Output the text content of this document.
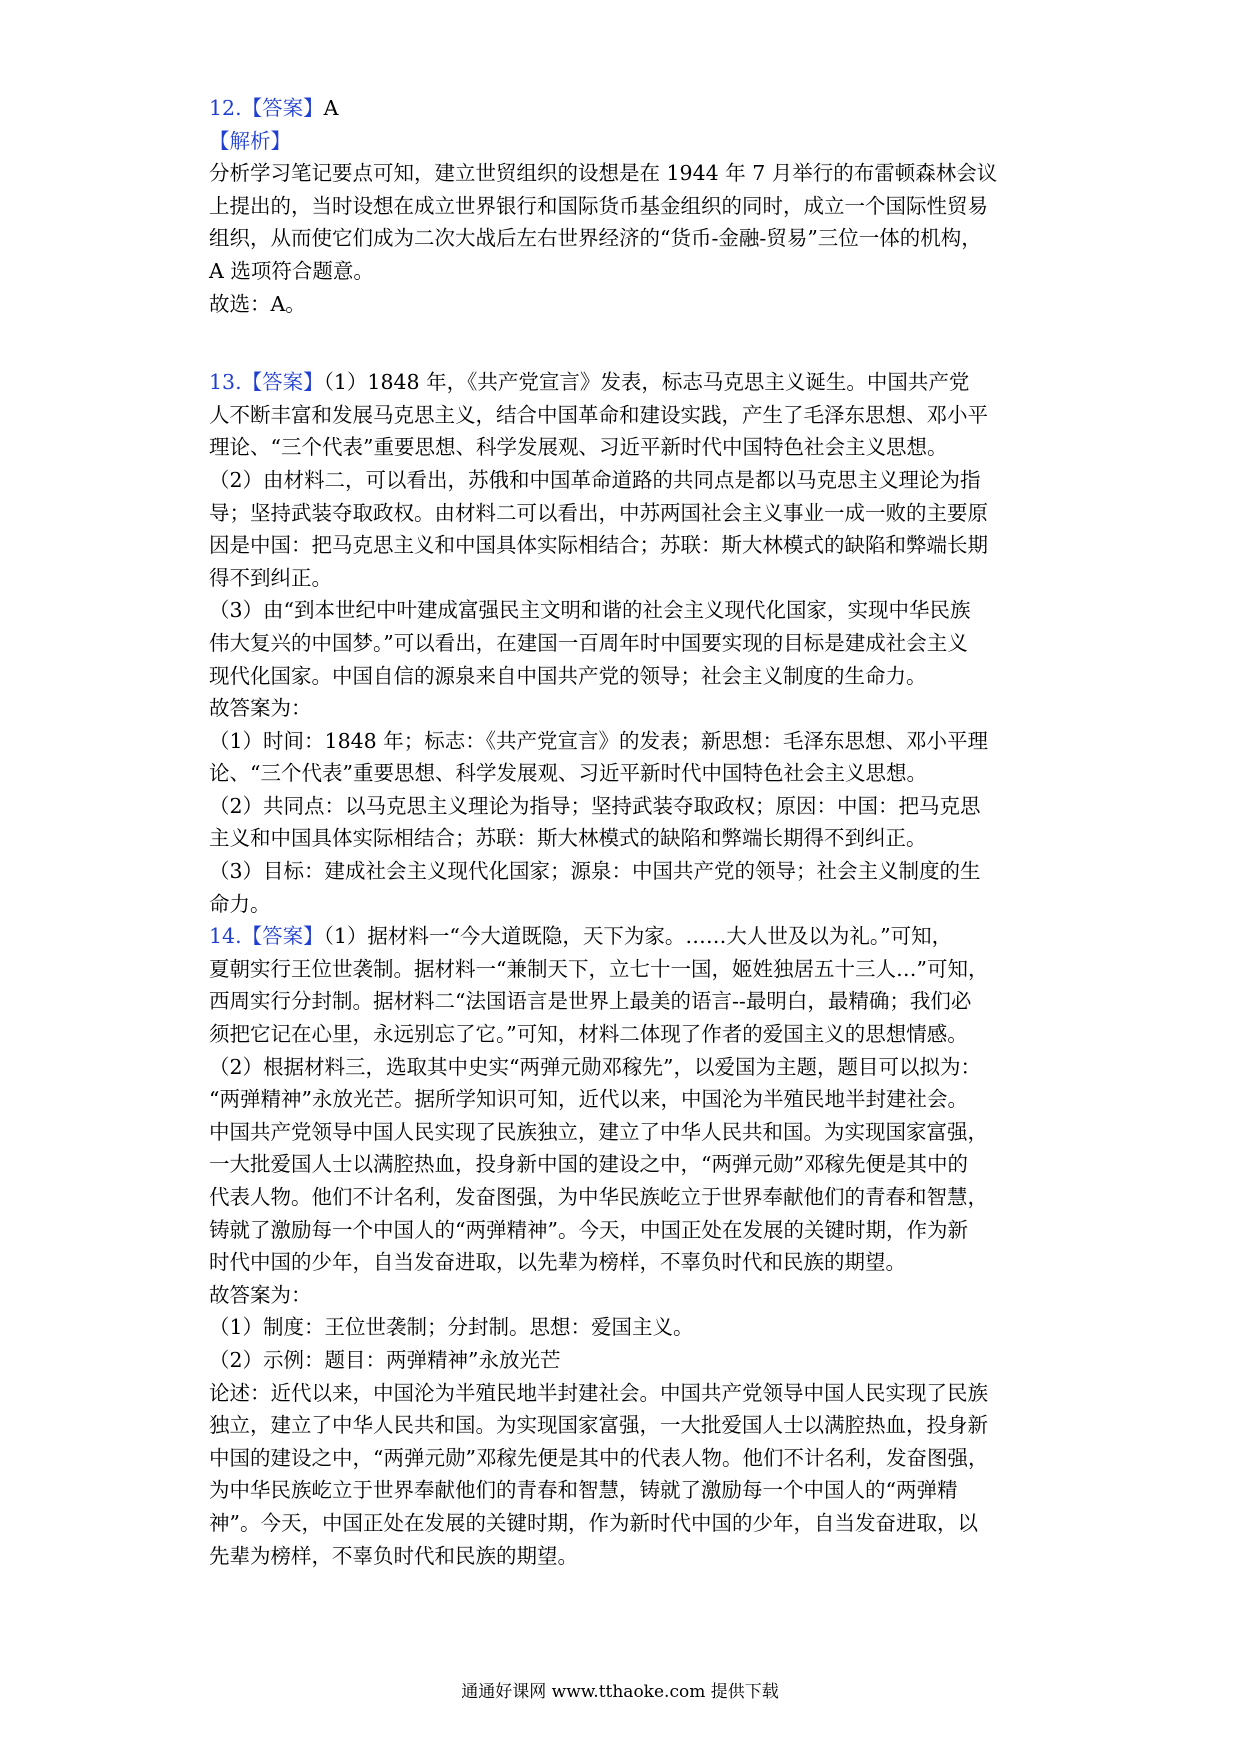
12.【答案】A
【解析】
分析学习笔记要点可知，建立世贸组织的设想是在 1944 年 7 月举行的布雷顿森林会议
上提出的，当时设想在成立世界银行和国际货币基金组织的同时，成立一个国际性贸易
组织，从而使它们成为二次大战后左右世界经济的“货币-金融-贸易”三位一体的机构，
A 选项符合题意。
故选：A。
13.【答案】（1）1848 年，《共产党宣言》发表，标志马克思主义诞生。中国共产党
人不断丰富和发展马克思主义，结合中国革命和建设实践，产生了毛泽东思想、邓小平
理论、“三个代表”重要思想、科学发展观、习近平新时代中国特色社会主义思想。
（2）由材料二，可以看出，苏俄和中国革命道路的共同点是都以马克思主义理论为指
导；坚持武装夺取政权。由材料二可以看出，中苏两国社会主义事业一成一败的主要原
因是中国：把马克思主义和中国具体实际相结合；苏联：斯大林模式的缺陷和弊端长期
得不到纠正。
（3）由“到本世纪中叶建成富强民主文明和谐的社会主义现代化国家，实现中华民族
伟大复兴的中国梦。”可以看出，在建国一百周年时中国要实现的目标是建成社会主义
现代化国家。中国自信的源泉来自中国共产党的领导；社会主义制度的生命力。
故答案为：
（1）时间：1848 年；标志：《共产党宣言》的发表；新思想：毛泽东思想、邓小平理
论、“三个代表”重要思想、科学发展观、习近平新时代中国特色社会主义思想。
（2）共同点：以马克思主义理论为指导；坚持武装夺取政权；原因：中国：把马克思
主义和中国具体实际相结合；苏联：斯大林模式的缺陷和弊端长期得不到纠正。
（3）目标：建成社会主义现代化国家；源泉：中国共产党的领导；社会主义制度的生
命力。
14.【答案】（1）据材料一“今大道既隐，天下为家。……大人世及以为礼。”可知，
夏朝实行王位世袭制。据材料一“兼制天下，立七十一国，姬姓独居五十三人…”可知，
西周实行分封制。据材料二“法国语言是世界上最美的语言--最明白，最精确；我们必
须把它记在心里，永远别忘了它。”可知，材料二体现了作者的爱国主义的思想情感。
（2）根据材料三，选取其中史实“两弹元勋邓稼先”，以爱国为主题，题目可以拟为：
“两弹精神”永放光芒。据所学知识可知，近代以来，中国沦为半殖民地半封建社会。
中国共产党领导中国人民实现了民族独立，建立了中华人民共和国。为实现国家富强，
一大批爱国人士以满腔热血，投身新中国的建设之中，“两弹元勋”邓稼先便是其中的
代表人物。他们不计名利，发奋图强，为中华民族屹立于世界奉献他们的青春和智慧，
铸就了激励每一个中国人的“两弹精神”。今天，中国正处在发展的关键时期，作为新
时代中国的少年，自当发奋进取，以先辈为榜样，不辜负时代和民族的期望。
故答案为：
（1）制度：王位世袭制；分封制。思想：爱国主义。
（2）示例：题目：两弹精神”永放光芒
论述：近代以来，中国沦为半殖民地半封建社会。中国共产党领导中国人民实现了民族
独立，建立了中华人民共和国。为实现国家富强，一大批爱国人士以满腔热血，投身新
中国的建设之中，“两弹元勋”邓稼先便是其中的代表人物。他们不计名利，发奋图强，
为中华民族屹立于世界奉献他们的青春和智慧，铸就了激励每一个中国人的“两弹精
神”。今天，中国正处在发展的关键时期，作为新时代中国的少年，自当发奋进取，以
先辈为榜样，不辜负时代和民族的期望。
通通好课网 www.tthaoke.com 提供下载
